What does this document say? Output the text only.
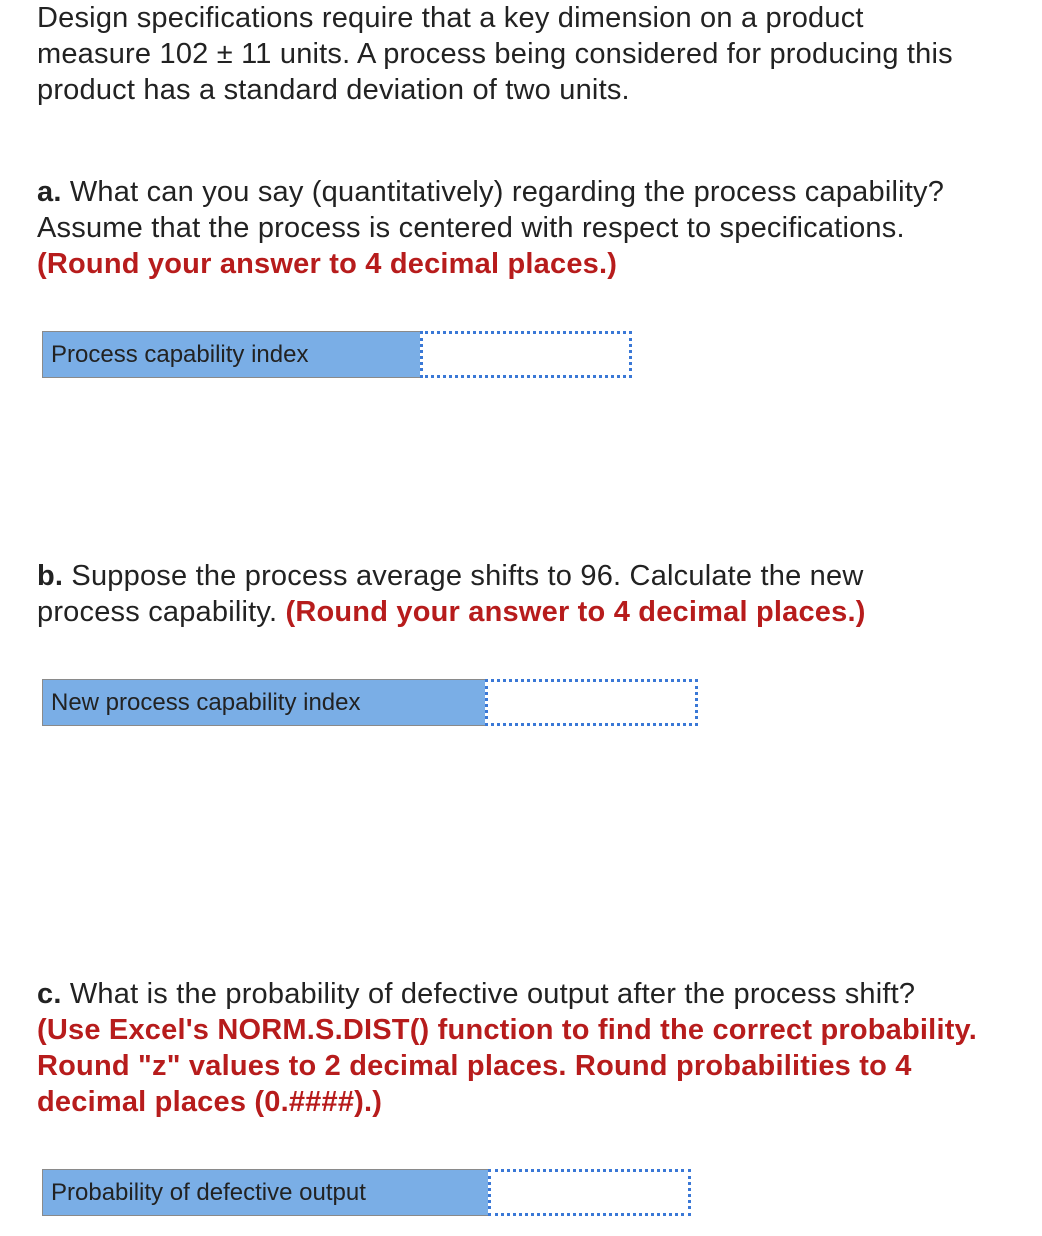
Design specifications require that a key dimension on a product
measure 102 ± 11 units. A process being considered for producing this
product has a standard deviation of two units.

a. What can you say (quantitatively) regarding the process capability?
Assume that the process is centered with respect to specifications.
(Round your answer to 4 decimal places.)

Process capability index

b. Suppose the process average shifts to 96. Calculate the new
process capability. (Round your answer to 4 decimal places.)

New process capability index

c. What is the probability of defective output after the process shift?
(Use Excel's NORM.S.DIST() function to find the correct probability.
Round "z" values to 2 decimal places. Round probabilities to 4
decimal places (0.####).)

Probability of defective output
